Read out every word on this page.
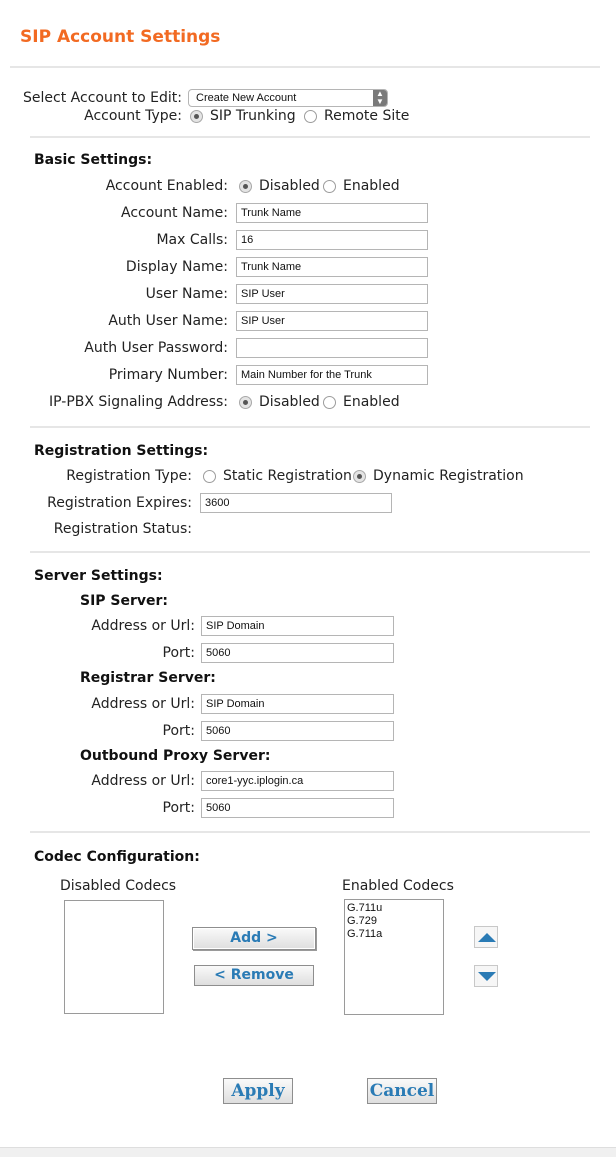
SIP Account Settings
Select Account to Edit:	Create New Account	▲
▼
Account Type: SIP Trunking Remote Site
Basic Settings:
Account Enabled: Disabled Enabled
Account Name:	Trunk Name
Max Calls:	16
Display Name:	Trunk Name
User Name:	SIP User
Auth User Name:	SIP User
Auth User Password:
Primary Number:	Main Number for the Trunk
IP-PBX Signaling Address: Disabled Enabled
Registration Settings:
Registration Type: Static Registration Dynamic Registration
Registration Expires:	3600
Registration Status:
Server Settings:
SIP Server:
Address or Url:	SIP Domain
Port:	5060
Registrar Server:
Address or Url:	SIP Domain
Port:	5060
Outbound Proxy Server:
Address or Url:	core1-yyc.iplogin.ca
Port:	5060
Codec Configuration:
Disabled Codecs	Enabled Codecs
G.711u
G.729
G.711a
Add >
< Remove
Apply	Cancel
